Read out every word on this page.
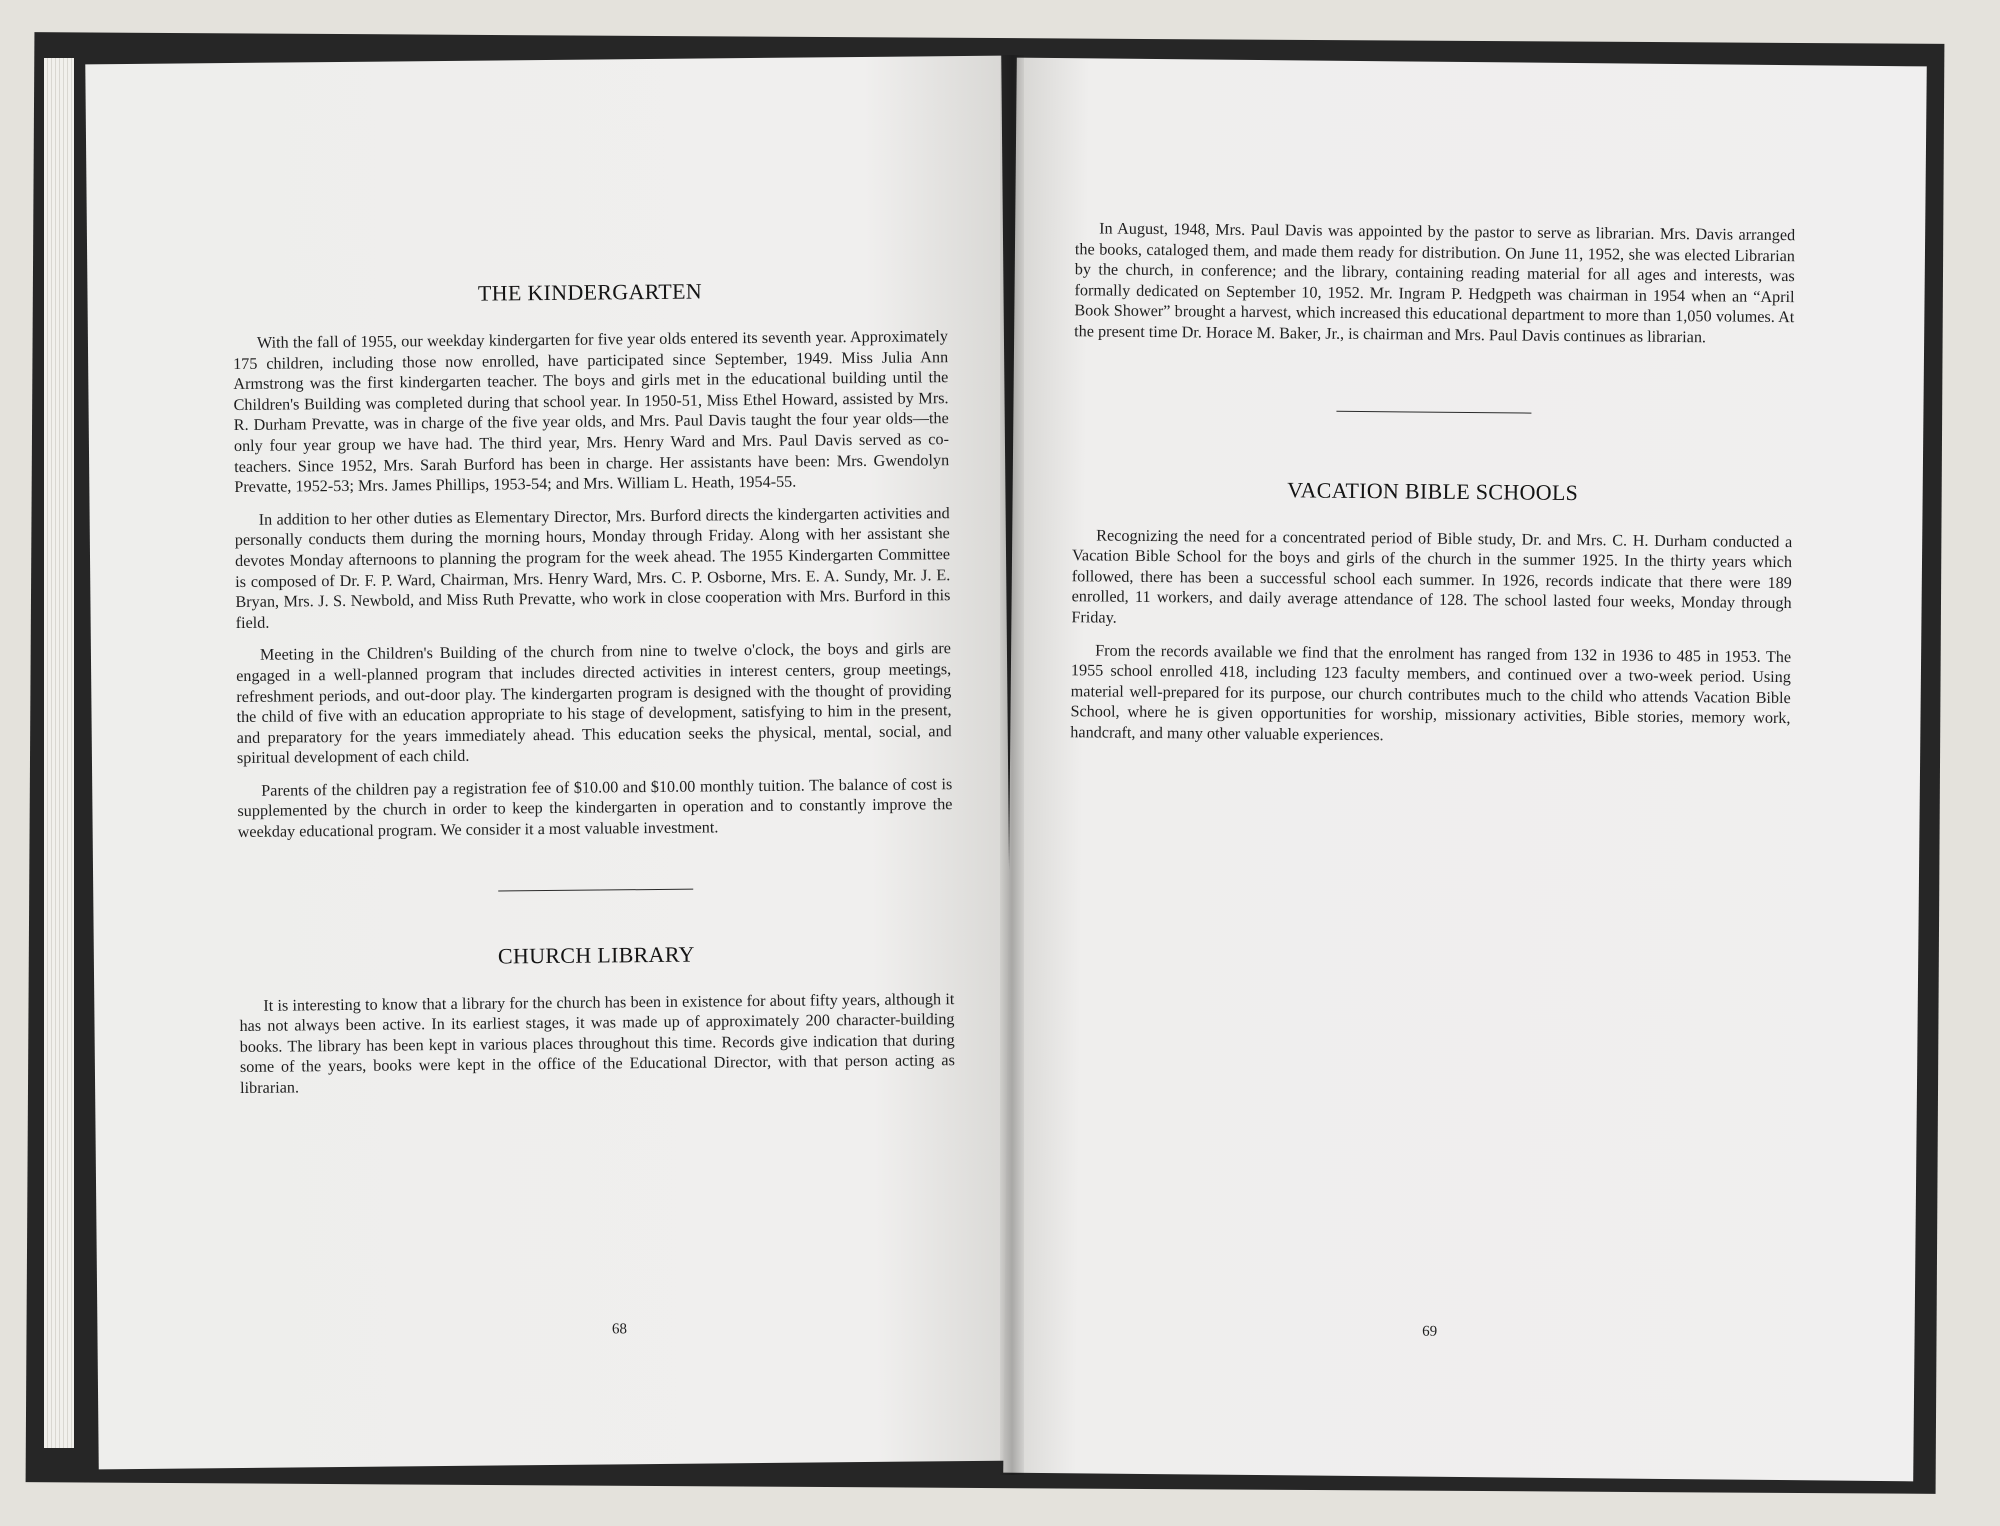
THE KINDERGARTEN

With the fall of 1955, our weekday kindergarten for five year olds entered its seventh year. Approximately 175 children, including those now enrolled, have participated since September, 1949. Miss Julia Ann Armstrong was the first kindergarten teacher. The boys and girls met in the educational building until the Children's Building was completed during that school year. In 1950-51, Miss Ethel Howard, assisted by Mrs. R. Durham Prevatte, was in charge of the five year olds, and Mrs. Paul Davis taught the four year olds—the only four year group we have had. The third year, Mrs. Henry Ward and Mrs. Paul Davis served as co-teachers. Since 1952, Mrs. Sarah Burford has been in charge. Her assistants have been: Mrs. Gwendolyn Prevatte, 1952-53; Mrs. James Phillips, 1953-54; and Mrs. William L. Heath, 1954-55.

In addition to her other duties as Elementary Director, Mrs. Burford directs the kindergarten activities and personally conducts them during the morning hours, Monday through Friday. Along with her assistant she devotes Monday afternoons to planning the program for the week ahead. The 1955 Kindergarten Committee is composed of Dr. F. P. Ward, Chairman, Mrs. Henry Ward, Mrs. C. P. Osborne, Mrs. E. A. Sundy, Mr. J. E. Bryan, Mrs. J. S. Newbold, and Miss Ruth Prevatte, who work in close cooperation with Mrs. Burford in this field.

Meeting in the Children's Building of the church from nine to twelve o'clock, the boys and girls are engaged in a well-planned program that includes directed activities in interest centers, group meetings, refreshment periods, and out-door play. The kindergarten program is designed with the thought of providing the child of five with an education appropriate to his stage of development, satisfying to him in the present, and preparatory for the years immediately ahead. This education seeks the physical, mental, social, and spiritual development of each child.

Parents of the children pay a registration fee of $10.00 and $10.00 monthly tuition. The balance of cost is supplemented by the church in order to keep the kindergarten in operation and to constantly improve the weekday educational program. We consider it a most valuable investment.

CHURCH LIBRARY

It is interesting to know that a library for the church has been in existence for about fifty years, although it has not always been active. In its earliest stages, it was made up of approximately 200 character-building books. The library has been kept in various places throughout this time. Records give indication that during some of the years, books were kept in the office of the Educational Director, with that person acting as librarian.

68

In August, 1948, Mrs. Paul Davis was appointed by the pastor to serve as librarian. Mrs. Davis arranged the books, cataloged them, and made them ready for distribution. On June 11, 1952, she was elected Librarian by the church, in conference; and the library, containing reading material for all ages and interests, was formally dedicated on September 10, 1952. Mr. Ingram P. Hedgpeth was chairman in 1954 when an “April Book Shower” brought a harvest, which increased this educational department to more than 1,050 volumes. At the present time Dr. Horace M. Baker, Jr., is chairman and Mrs. Paul Davis continues as librarian.

VACATION BIBLE SCHOOLS

Recognizing the need for a concentrated period of Bible study, Dr. and Mrs. C. H. Durham conducted a Vacation Bible School for the boys and girls of the church in the summer 1925. In the thirty years which followed, there has been a successful school each summer. In 1926, records indicate that there were 189 enrolled, 11 workers, and daily average attendance of 128. The school lasted four weeks, Monday through Friday.

From the records available we find that the enrolment has ranged from 132 in 1936 to 485 in 1953. The 1955 school enrolled 418, including 123 faculty members, and continued over a two-week period. Using material well-prepared for its purpose, our church contributes much to the child who attends Vacation Bible School, where he is given opportunities for worship, missionary activities, Bible stories, memory work, handcraft, and many other valuable experiences.

69
